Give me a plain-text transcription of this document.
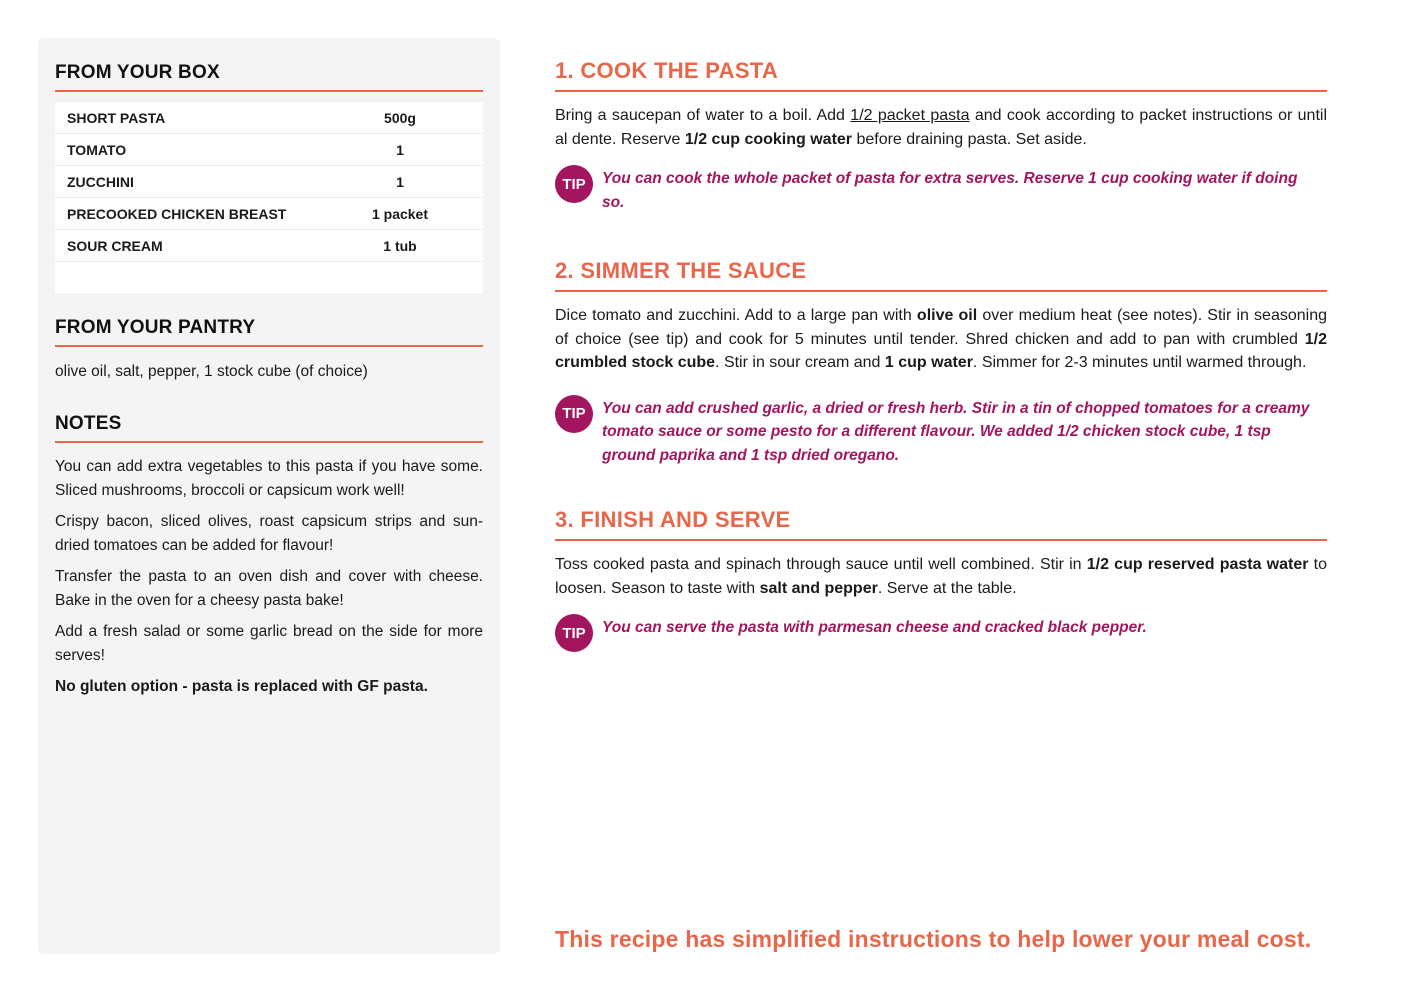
FROM YOUR BOX
SHORT PASTA	500g
TOMATO	1
ZUCCHINI	1
PRECOOKED CHICKEN BREAST	1 packet
SOUR CREAM	1 tub

FROM YOUR PANTRY

olive oil, salt, pepper, 1 stock cube (of choice)

NOTES

You can add extra vegetables to this pasta if you have some. Sliced mushrooms, broccoli or capsicum work well!

Crispy bacon, sliced olives, roast capsicum strips and sun-dried tomatoes can be added for flavour!

Transfer the pasta to an oven dish and cover with cheese. Bake in the oven for a cheesy pasta bake!

Add a fresh salad or some garlic bread on the side for more serves!

No gluten option - pasta is replaced with GF pasta.

1. COOK THE PASTA

Bring a saucepan of water to a boil. Add 1/2 packet pasta and cook according to packet instructions or until al dente. Reserve 1/2 cup cooking water before draining pasta. Set aside.

TIP	You can cook the whole packet of pasta for extra serves. Reserve 1 cup cooking water if doing so.
2. SIMMER THE SAUCE

Dice tomato and zucchini. Add to a large pan with olive oil over medium heat (see notes). Stir in seasoning of choice (see tip) and cook for 5 minutes until tender. Shred chicken and add to pan with crumbled 1/2 crumbled stock cube. Stir in sour cream and 1 cup water. Simmer for 2-3 minutes until warmed through.

TIP	You can add crushed garlic, a dried or fresh herb. Stir in a tin of chopped tomatoes for a creamy tomato sauce or some pesto for a different flavour. We added 1/2 chicken stock cube, 1 tsp ground paprika and 1 tsp dried oregano.
3. FINISH AND SERVE

Toss cooked pasta and spinach through sauce until well combined. Stir in 1/2 cup reserved pasta water to loosen. Season to taste with salt and pepper. Serve at the table.

TIP	You can serve the pasta with parmesan cheese and cracked black pepper.
This recipe has simplified instructions to help lower your meal cost.
